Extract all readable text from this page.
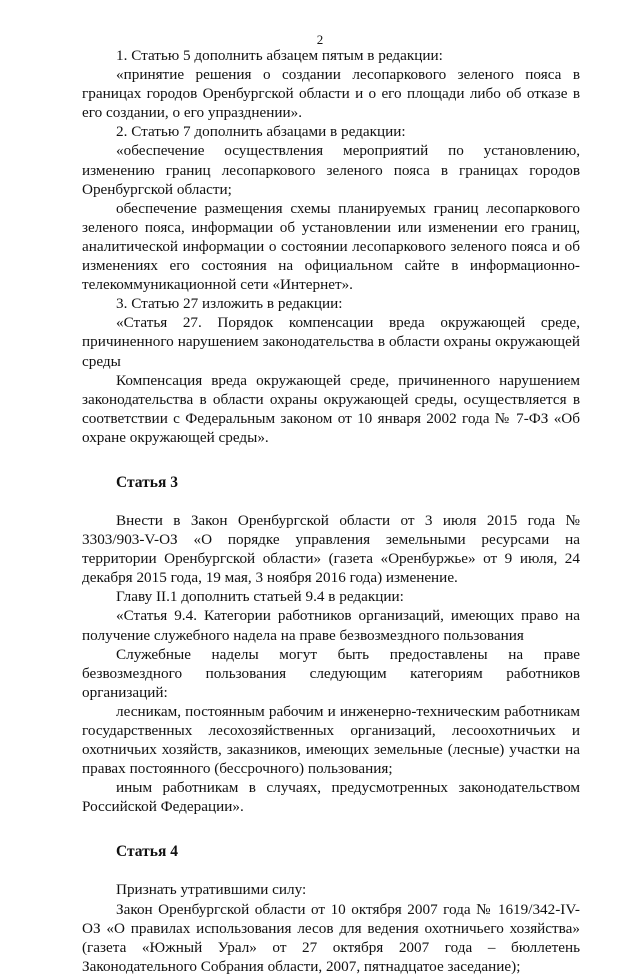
2

1. Статью 5 дополнить абзацем пятым в редакции:

«принятие решения о создании лесопаркового зеленого пояса в границах городов Оренбургской области и о его площади либо об отказе в его создании, о его упразднении».

2. Статью 7 дополнить абзацами в редакции:

«обеспечение осуществления мероприятий по установлению, изменению границ лесопаркового зеленого пояса в границах городов Оренбургской области;

обеспечение размещения схемы планируемых границ лесопаркового зеленого пояса, информации об установлении или изменении его границ, аналитической информации о состоянии лесопаркового зеленого пояса и об изменениях его состояния на официальном сайте в информационно-телекоммуникационной сети «Интернет».

3. Статью 27 изложить в редакции:

«Статья 27. Порядок компенсации вреда окружающей среде, причиненного нарушением законодательства в области охраны окружающей среды

Компенсация вреда окружающей среде, причиненного нарушением законодательства в области охраны окружающей среды, осуществляется в соответствии с Федеральным законом от 10 января 2002 года № 7-ФЗ «Об охране окружающей среды».

Статья 3

Внести в Закон Оренбургской области от 3 июля 2015 года № 3303/903-V-ОЗ «О порядке управления земельными ресурсами на территории Оренбургской области» (газета «Оренбуржье» от 9 июля, 24 декабря 2015 года, 19 мая, 3 ноября 2016 года) изменение.

Главу II.1 дополнить статьей 9.4 в редакции:

«Статья 9.4. Категории работников организаций, имеющих право на получение служебного надела на праве безвозмездного пользования

Служебные наделы могут быть предоставлены на праве безвозмездного пользования следующим категориям работников организаций:

лесникам, постоянным рабочим и инженерно-техническим работникам государственных лесохозяйственных организаций, лесоохотничьих и охотничьих хозяйств, заказников, имеющих земельные (лесные) участки на правах постоянного (бессрочного) пользования;

иным работникам в случаях, предусмотренных законодательством Российской Федерации».

Статья 4

Признать утратившими силу:

Закон Оренбургской области от 10 октября 2007 года № 1619/342-IV-ОЗ «О правилах использования лесов для ведения охотничьего хозяйства» (газета «Южный Урал» от 27 октября 2007 года – бюллетень Законодательного Собрания области, 2007, пятнадцатое заседание);
